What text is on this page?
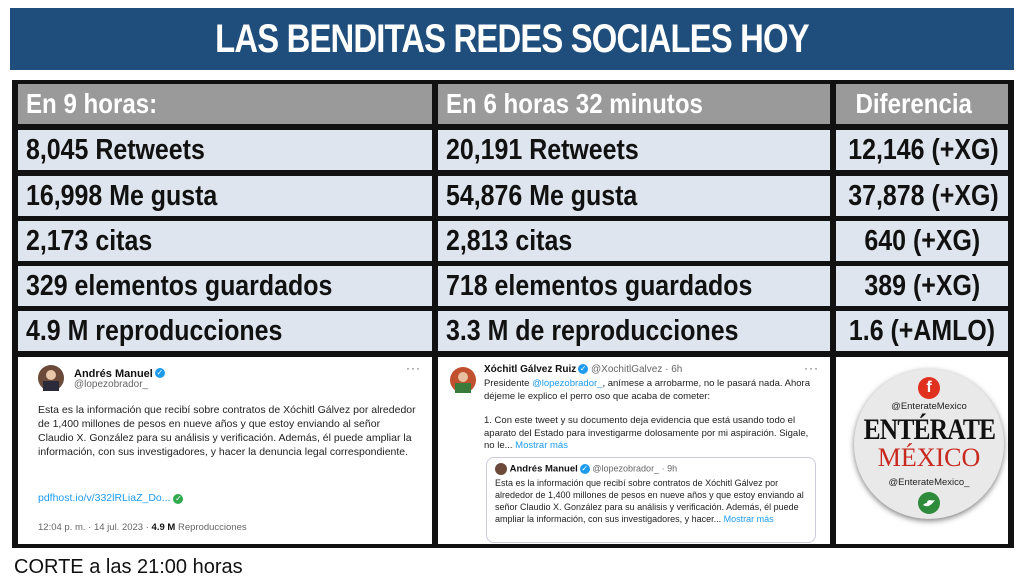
LAS BENDITAS REDES SOCIALES HOY
En 9 horas:	En 6 horas 32 minutos	Diferencia
8,045 Retweets	20,191 Retweets	12,146 (+XG)
16,998 Me gusta	54,876 Me gusta	37,878 (+XG)
2,173 citas	2,813 citas	640 (+XG)
329 elementos guardados	718 elementos guardados	389 (+XG)
4.9 M reproducciones	3.3 M de reproducciones	1.6 (+AMLO)
Andrés Manuel ✓
@lopezobrador_
···
Esta es la información que recibí sobre contratos de Xóchitl Gálvez por alrededor de 1,400 millones de pesos en nueve años y que estoy enviando al señor Claudio X. González para su análisis y verificación. Además, él puede ampliar la información, con sus investigadores, y hacer la denuncia legal correspondiente.
pdfhost.io/v/332lRLiaZ_Do... ✓
12:04 p. m. · 14 jul. 2023 · 4.9 M Reproducciones
Xóchitl Gálvez Ruiz ✓ @XochitlGalvez · 6h	···
Presidente @lopezobrador_, anímese a arrobarme, no le pasará nada. Ahora déjeme le explico el perro oso que acaba de cometer:
1. Con este tweet y su documento deja evidencia que está usando todo el aparato del Estado para investigarme dolosamente por mi aspiración. Sigale, no le... Mostrar más
Andrés Manuel ✓ @lopezobrador_ · 9h
Esta es la información que recibí sobre contratos de Xóchitl Gálvez por alrededor de 1,400 millones de pesos en nueve años y que estoy enviando al señor Claudio X. González para su análisis y verificación. Además, él puede ampliar la información, con sus investigadores, y hacer... Mostrar más
f
@EnterateMexico
ENTÉRATE
MÉXICO
@EnterateMexico_
CORTE a las 21:00 horas
